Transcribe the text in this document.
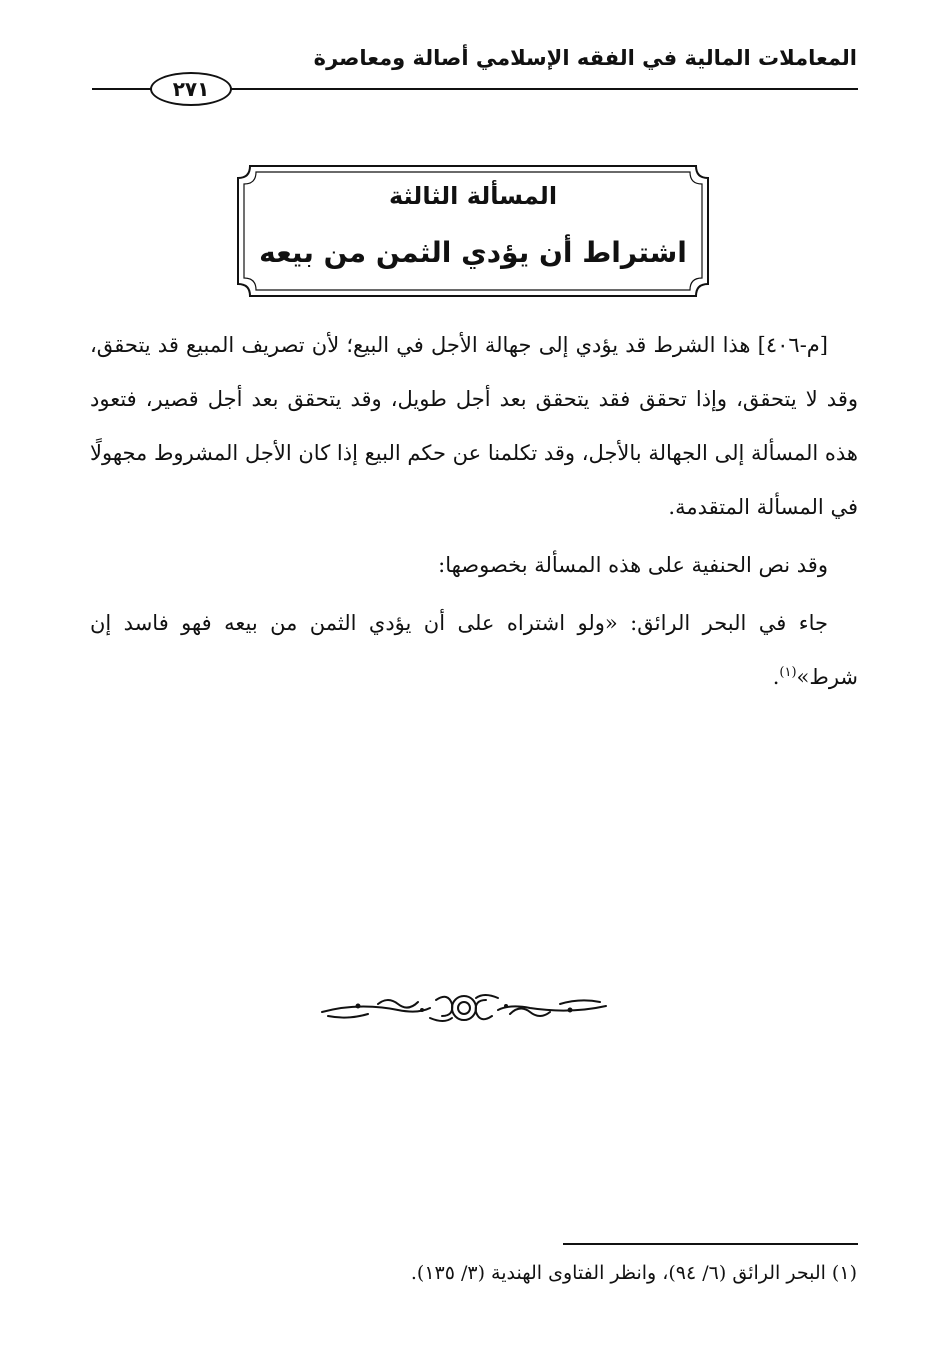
المعاملات المالية في الفقه الإسلامي أصالة ومعاصرة
٢٧١
المسألة الثالثة
اشتراط أن يؤدي الثمن من بيعه

[م-٤٠٦] هذا الشرط قد يؤدي إلى جهالة الأجل في البيع؛ لأن تصريف المبيع قد يتحقق، وقد لا يتحقق، وإذا تحقق فقد يتحقق بعد أجل طويل، وقد يتحقق بعد أجل قصير، فتعود هذه المسألة إلى الجهالة بالأجل، وقد تكلمنا عن حكم البيع إذا كان الأجل المشروط مجهولًا في المسألة المتقدمة.

وقد نص الحنفية على هذه المسألة بخصوصها:

جاء في البحر الرائق: «ولو اشتراه على أن يؤدي الثمن من بيعه فهو فاسد إن شرط»$^{(١)}$.

(١) البحر الرائق (٦/ ٩٤)، وانظر الفتاوى الهندية (٣/ ١٣٥).
